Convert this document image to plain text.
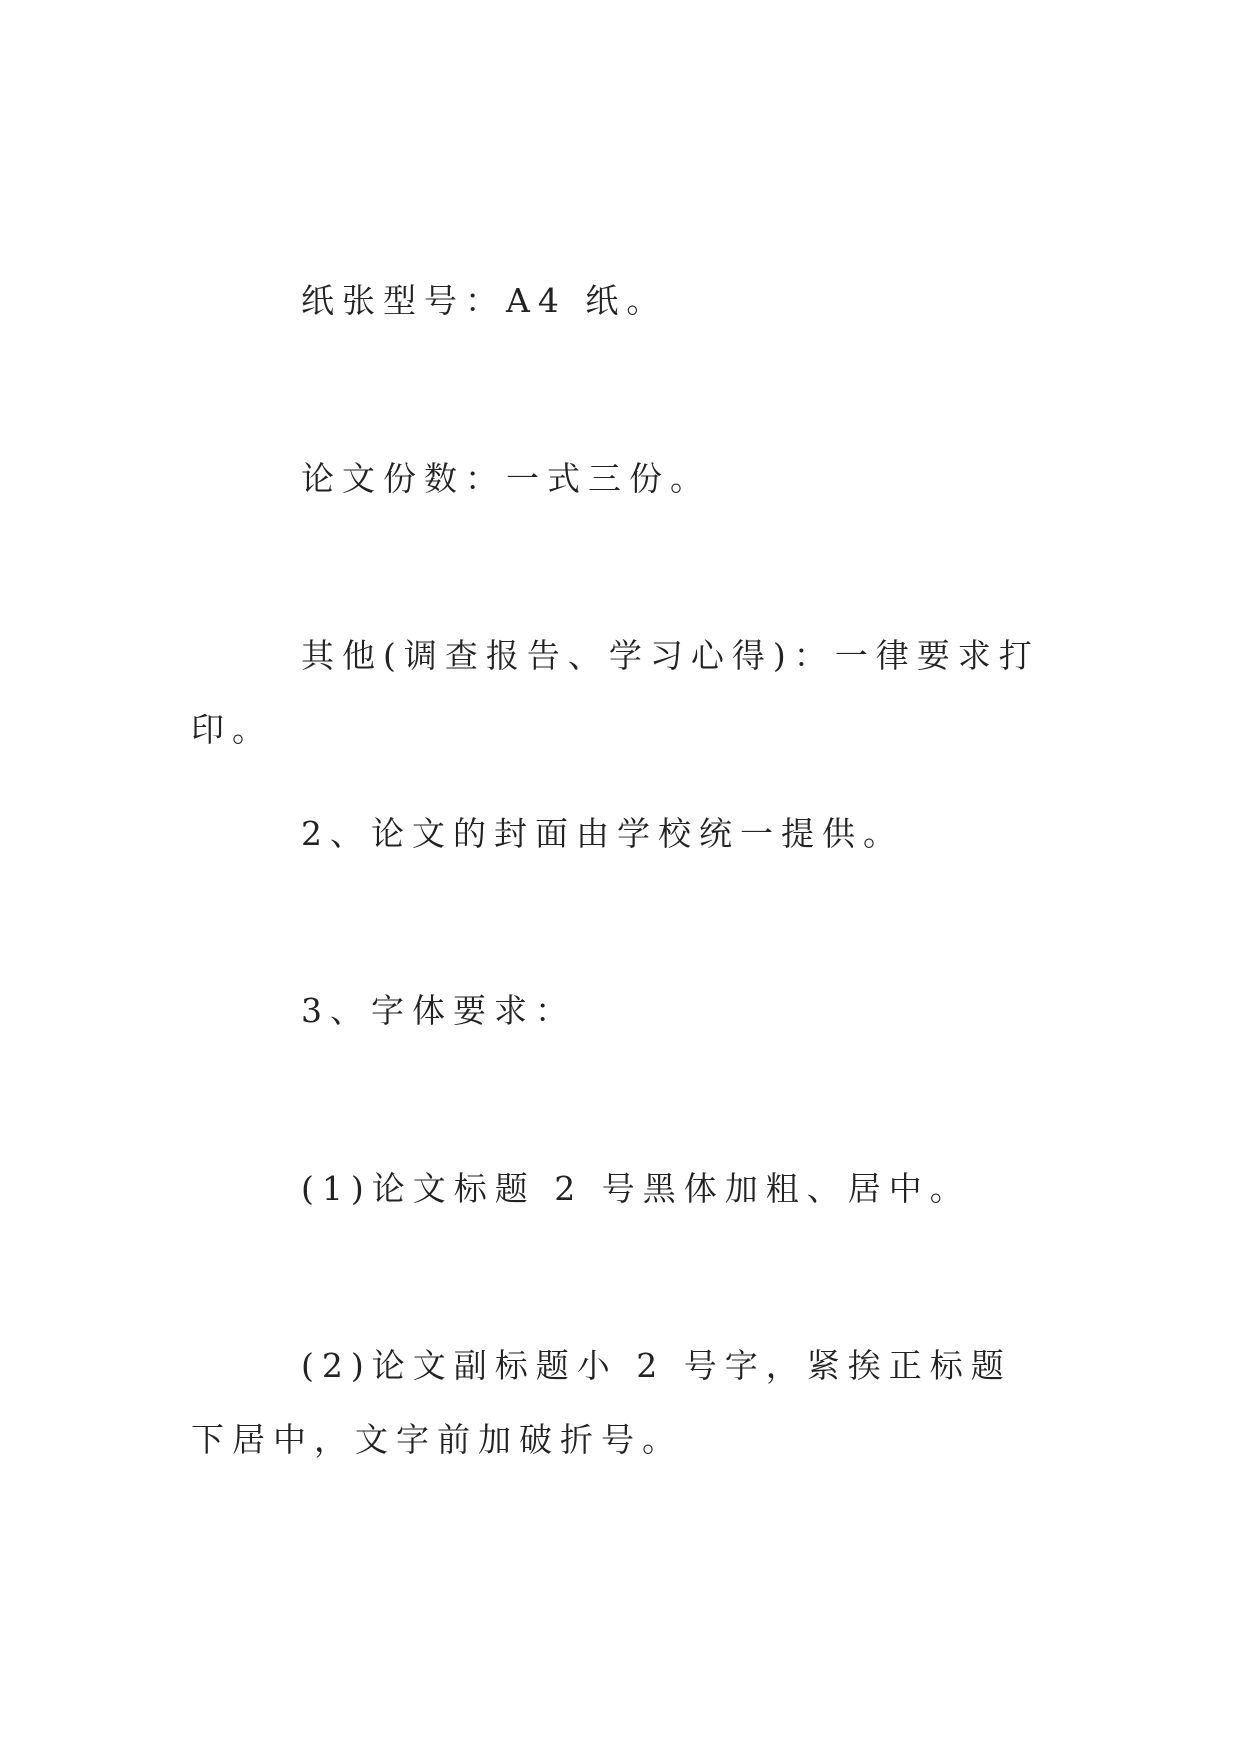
纸张型号：A4 纸。

论文份数：一式三份。

其他(调查报告、学习心得)：一律要求打印。

2、论文的封面由学校统一提供。

3、字体要求：

(1)论文标题 2 号黑体加粗、居中。

(2)论文副标题小 2 号字，紧挨正标题下居中，文字前加破折号。
